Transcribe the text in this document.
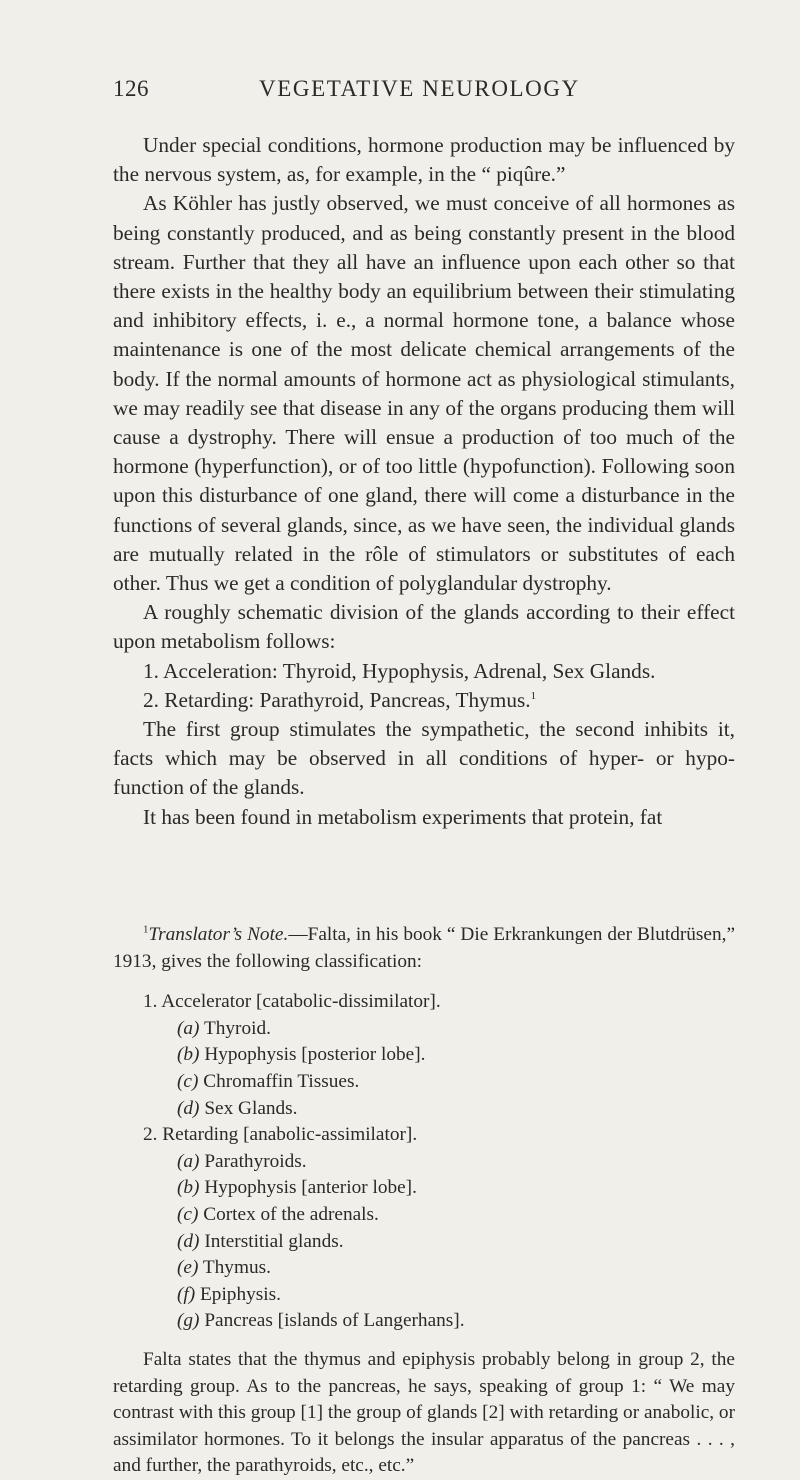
126	VEGETATIVE NEUROLOGY

Under special conditions, hormone production may be influenced by the nervous system, as, for example, in the “ piqûre.”

As Köhler has justly observed, we must conceive of all hormones as being constantly produced, and as being constantly present in the blood stream. Further that they all have an influence upon each other so that there exists in the healthy body an equilibrium between their stimulating and inhibitory effects, i. e., a normal hormone tone, a balance whose maintenance is one of the most delicate chemical arrangements of the body. If the normal amounts of hormone act as physiological stimulants, we may readily see that disease in any of the organs producing them will cause a dystrophy. There will ensue a production of too much of the hormone (hyperfunction), or of too little (hypofunction). Following soon upon this disturbance of one gland, there will come a disturbance in the functions of several glands, since, as we have seen, the individual glands are mutually related in the rôle of stimulators or substitutes of each other. Thus we get a condition of polyglandular dystrophy.

A roughly schematic division of the glands according to their effect upon metabolism follows:

1. Acceleration: Thyroid, Hypophysis, Adrenal, Sex Glands.

2. Retarding: Parathyroid, Pancreas, Thymus.$^1$

The first group stimulates the sympathetic, the second inhibits it, facts which may be observed in all conditions of hyper- or hypo-function of the glands.

It has been found in metabolism experiments that protein, fat

$^1$Translator’s Note.—Falta, in his book “ Die Erkrankungen der Blutdrüsen,” 1913, gives the following classification:

1. Accelerator [catabolic-dissimilator].
(a) Thyroid.
(b) Hypophysis [posterior lobe].
(c) Chromaffin Tissues.
(d) Sex Glands.
2. Retarding [anabolic-assimilator].
(a) Parathyroids.
(b) Hypophysis [anterior lobe].
(c) Cortex of the adrenals.
(d) Interstitial glands.
(e) Thymus.
(f) Epiphysis.
(g) Pancreas [islands of Langerhans].

Falta states that the thymus and epiphysis probably belong in group 2, the retarding group. As to the pancreas, he says, speaking of group 1: “ We may contrast with this group [1] the group of glands [2] with retarding or anabolic, or assimilator hormones. To it belongs the insular apparatus of the pancreas . . . , and further, the parathyroids, etc., etc.”
